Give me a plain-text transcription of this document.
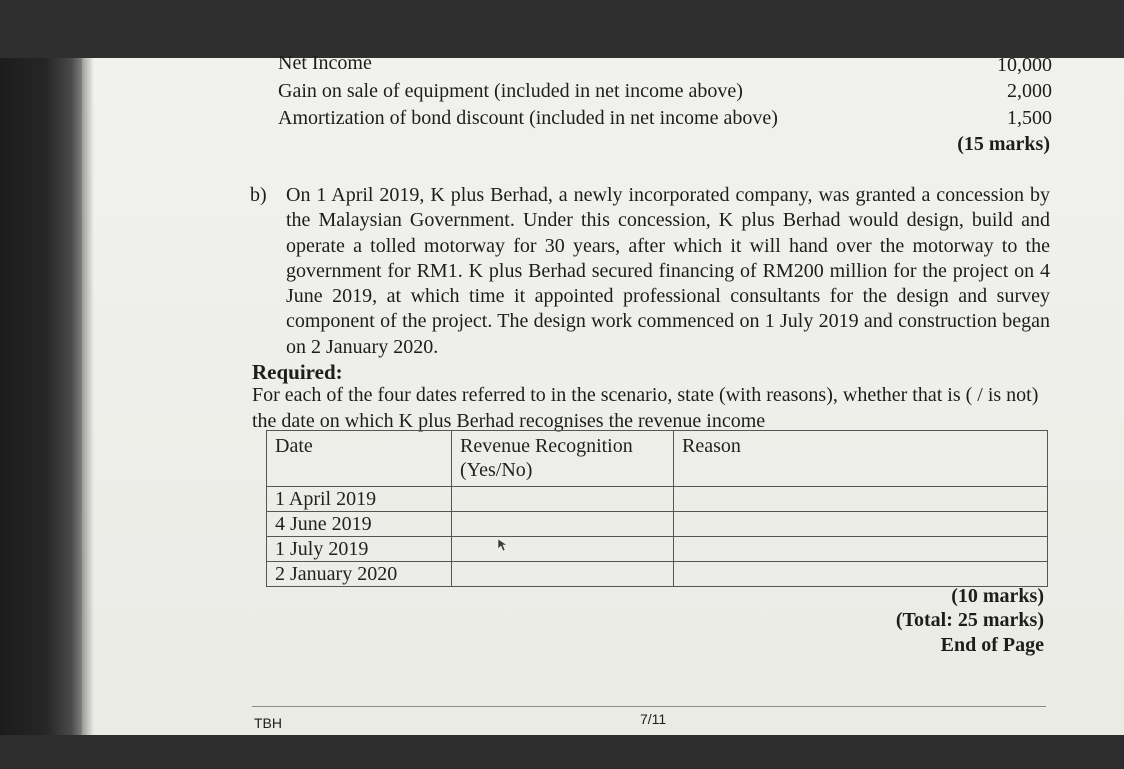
Net Income	10,000
Gain on sale of equipment (included in net income above)	2,000
Amortization of bond discount (included in net income above)	1,500
(15 marks)
b) On 1 April 2019, K plus Berhad, a newly incorporated company, was granted a concession by the Malaysian Government. Under this concession, K plus Berhad would design, build and operate a tolled motorway for 30 years, after which it will hand over the motorway to the government for RM1. K plus Berhad secured financing of RM200 million for the project on 4 June 2019, at which time it appointed professional consultants for the design and survey component of the project. The design work commenced on 1 July 2019 and construction began on 2 January 2020.
Required:
For each of the four dates referred to in the scenario, state (with reasons), whether that is ( / is not) the date on which K plus Berhad recognises the revenue income
Date	Revenue Recognition (Yes/No)	Reason
1 April 2019		
4 June 2019		
1 July 2019		
2 January 2020		
(10 marks)
(Total: 25 marks)
End of Page
TBH	7/11
